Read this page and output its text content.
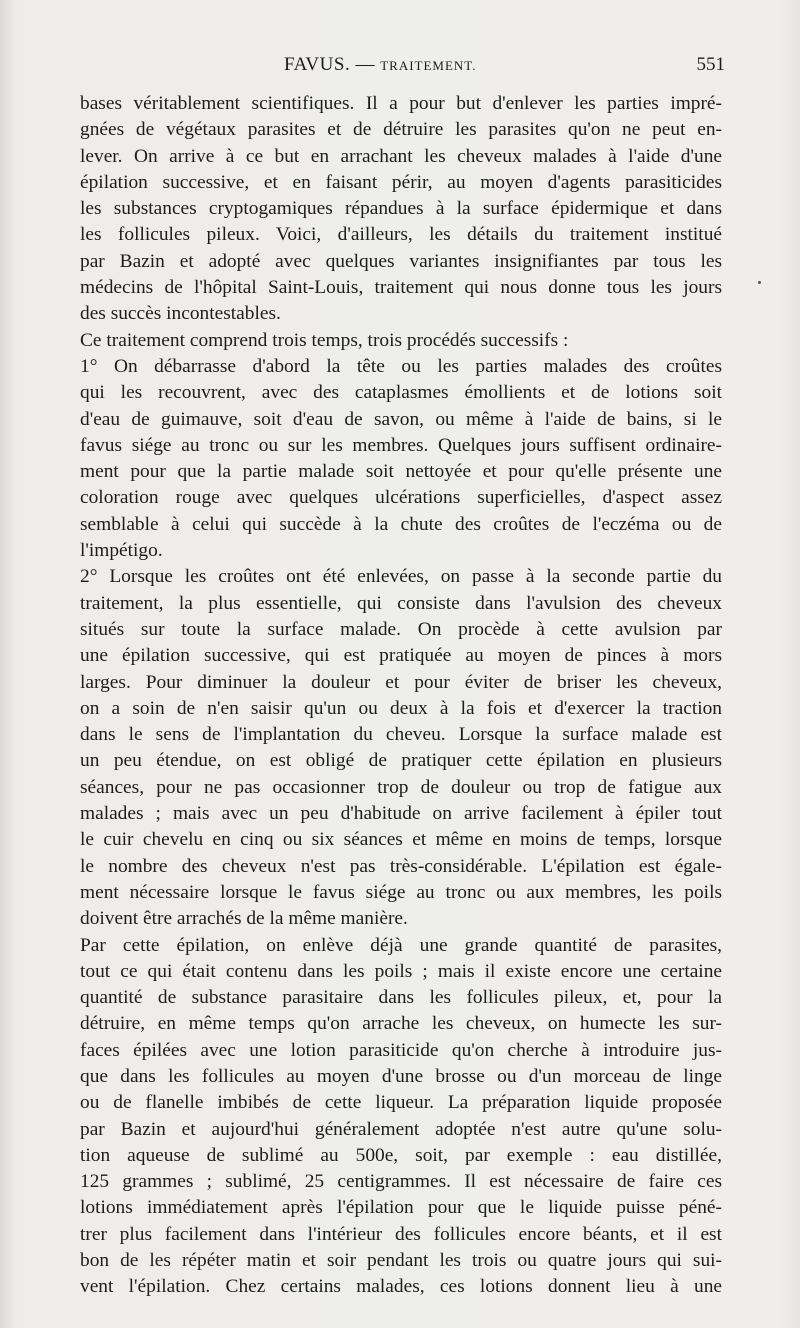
FAVUS. — TRAITEMENT.	551
bases véritablement scientifiques. Il a pour but d'enlever les parties impré-
gnées de végétaux parasites et de détruire les parasites qu'on ne peut en-
lever. On arrive à ce but en arrachant les cheveux malades à l'aide d'une
épilation successive, et en faisant périr, au moyen d'agents parasiticides
les substances cryptogamiques répandues à la surface épidermique et dans
les follicules pileux. Voici, d'ailleurs, les détails du traitement institué
par Bazin et adopté avec quelques variantes insignifiantes par tous les
médecins de l'hôpital Saint-Louis, traitement qui nous donne tous les jours
des succès incontestables.
Ce traitement comprend trois temps, trois procédés successifs :
1° On débarrasse d'abord la tête ou les parties malades des croûtes
qui les recouvrent, avec des cataplasmes émollients et de lotions soit
d'eau de guimauve, soit d'eau de savon, ou même à l'aide de bains, si le
favus siége au tronc ou sur les membres. Quelques jours suffisent ordinaire-
ment pour que la partie malade soit nettoyée et pour qu'elle présente une
coloration rouge avec quelques ulcérations superficielles, d'aspect assez
semblable à celui qui succède à la chute des croûtes de l'eczéma ou de
l'impétigo.
2° Lorsque les croûtes ont été enlevées, on passe à la seconde partie du
traitement, la plus essentielle, qui consiste dans l'avulsion des cheveux
situés sur toute la surface malade. On procède à cette avulsion par
une épilation successive, qui est pratiquée au moyen de pinces à mors
larges. Pour diminuer la douleur et pour éviter de briser les cheveux,
on a soin de n'en saisir qu'un ou deux à la fois et d'exercer la traction
dans le sens de l'implantation du cheveu. Lorsque la surface malade est
un peu étendue, on est obligé de pratiquer cette épilation en plusieurs
séances, pour ne pas occasionner trop de douleur ou trop de fatigue aux
malades ; mais avec un peu d'habitude on arrive facilement à épiler tout
le cuir chevelu en cinq ou six séances et même en moins de temps, lorsque
le nombre des cheveux n'est pas très-considérable. L'épilation est égale-
ment nécessaire lorsque le favus siége au tronc ou aux membres, les poils
doivent être arrachés de la même manière.
Par cette épilation, on enlève déjà une grande quantité de parasites,
tout ce qui était contenu dans les poils ; mais il existe encore une certaine
quantité de substance parasitaire dans les follicules pileux, et, pour la
détruire, en même temps qu'on arrache les cheveux, on humecte les sur-
faces épilées avec une lotion parasiticide qu'on cherche à introduire jus-
que dans les follicules au moyen d'une brosse ou d'un morceau de linge
ou de flanelle imbibés de cette liqueur. La préparation liquide proposée
par Bazin et aujourd'hui généralement adoptée n'est autre qu'une solu-
tion aqueuse de sublimé au 500e, soit, par exemple : eau distillée,
125 grammes ; sublimé, 25 centigrammes. Il est nécessaire de faire ces
lotions immédiatement après l'épilation pour que le liquide puisse péné-
trer plus facilement dans l'intérieur des follicules encore béants, et il est
bon de les répéter matin et soir pendant les trois ou quatre jours qui sui-
vent l'épilation. Chez certains malades, ces lotions donnent lieu à une
